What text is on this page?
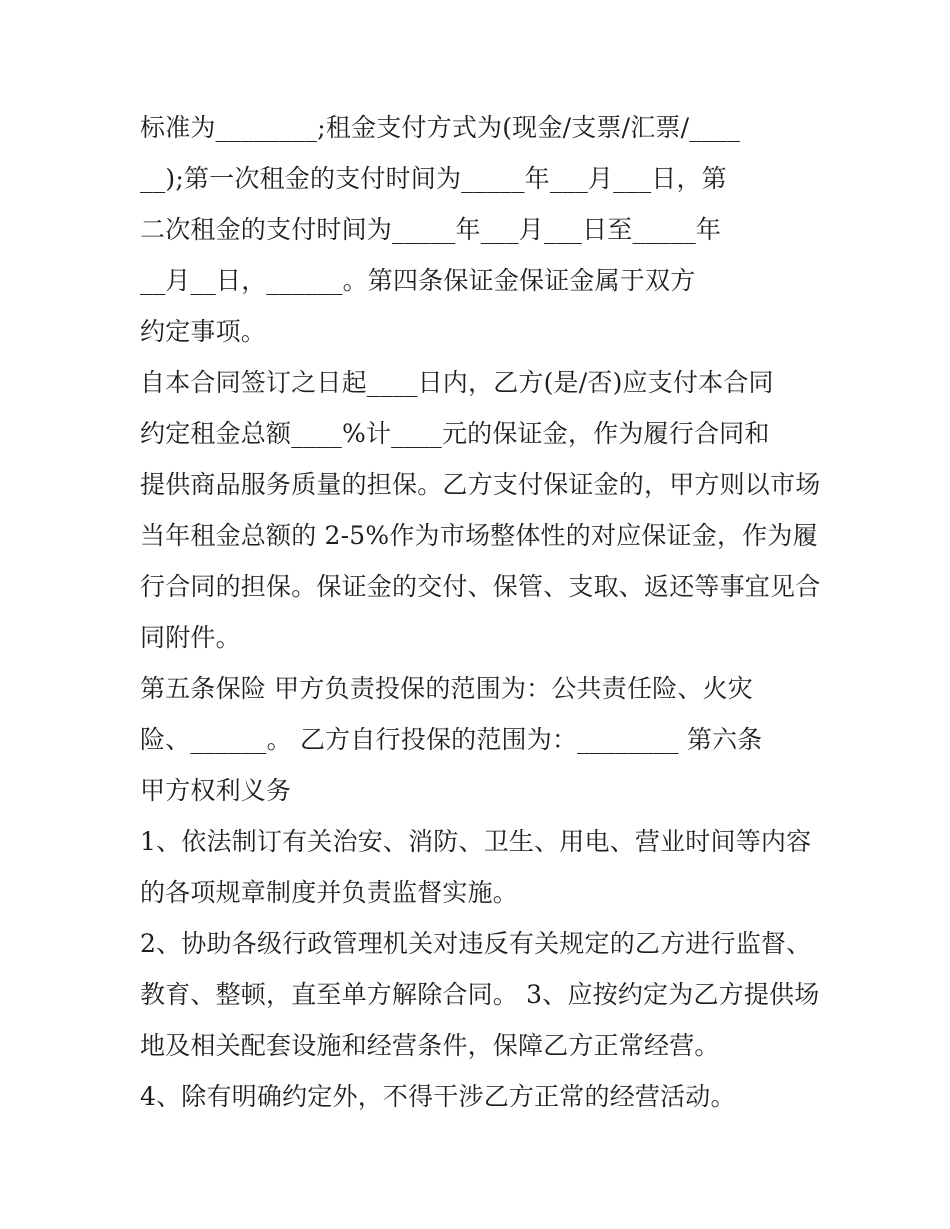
标准为________;租金支付方式为(现金/支票/汇票/____
__);第一次租金的支付时间为_____年___月___日，第
二次租金的支付时间为_____年___月___日至_____年
__月__日，______。第四条保证金保证金属于双方
约定事项。
自本合同签订之日起____日内，乙方(是/否)应支付本合同
约定租金总额____%计____元的保证金，作为履行合同和
提供商品服务质量的担保。乙方支付保证金的，甲方则以市场
当年租金总额的 2-5%作为市场整体性的对应保证金，作为履
行合同的担保。保证金的交付、保管、支取、返还等事宜见合
同附件。
第五条保险 甲方负责投保的范围为：公共责任险、火灾
险、______。 乙方自行投保的范围为：________ 第六条
甲方权利义务
1、依法制订有关治安、消防、卫生、用电、营业时间等内容
的各项规章制度并负责监督实施。
2、协助各级行政管理机关对违反有关规定的乙方进行监督、
教育、整顿，直至单方解除合同。 3、应按约定为乙方提供场
地及相关配套设施和经营条件，保障乙方正常经营。
4、除有明确约定外，不得干涉乙方正常的经营活动。
